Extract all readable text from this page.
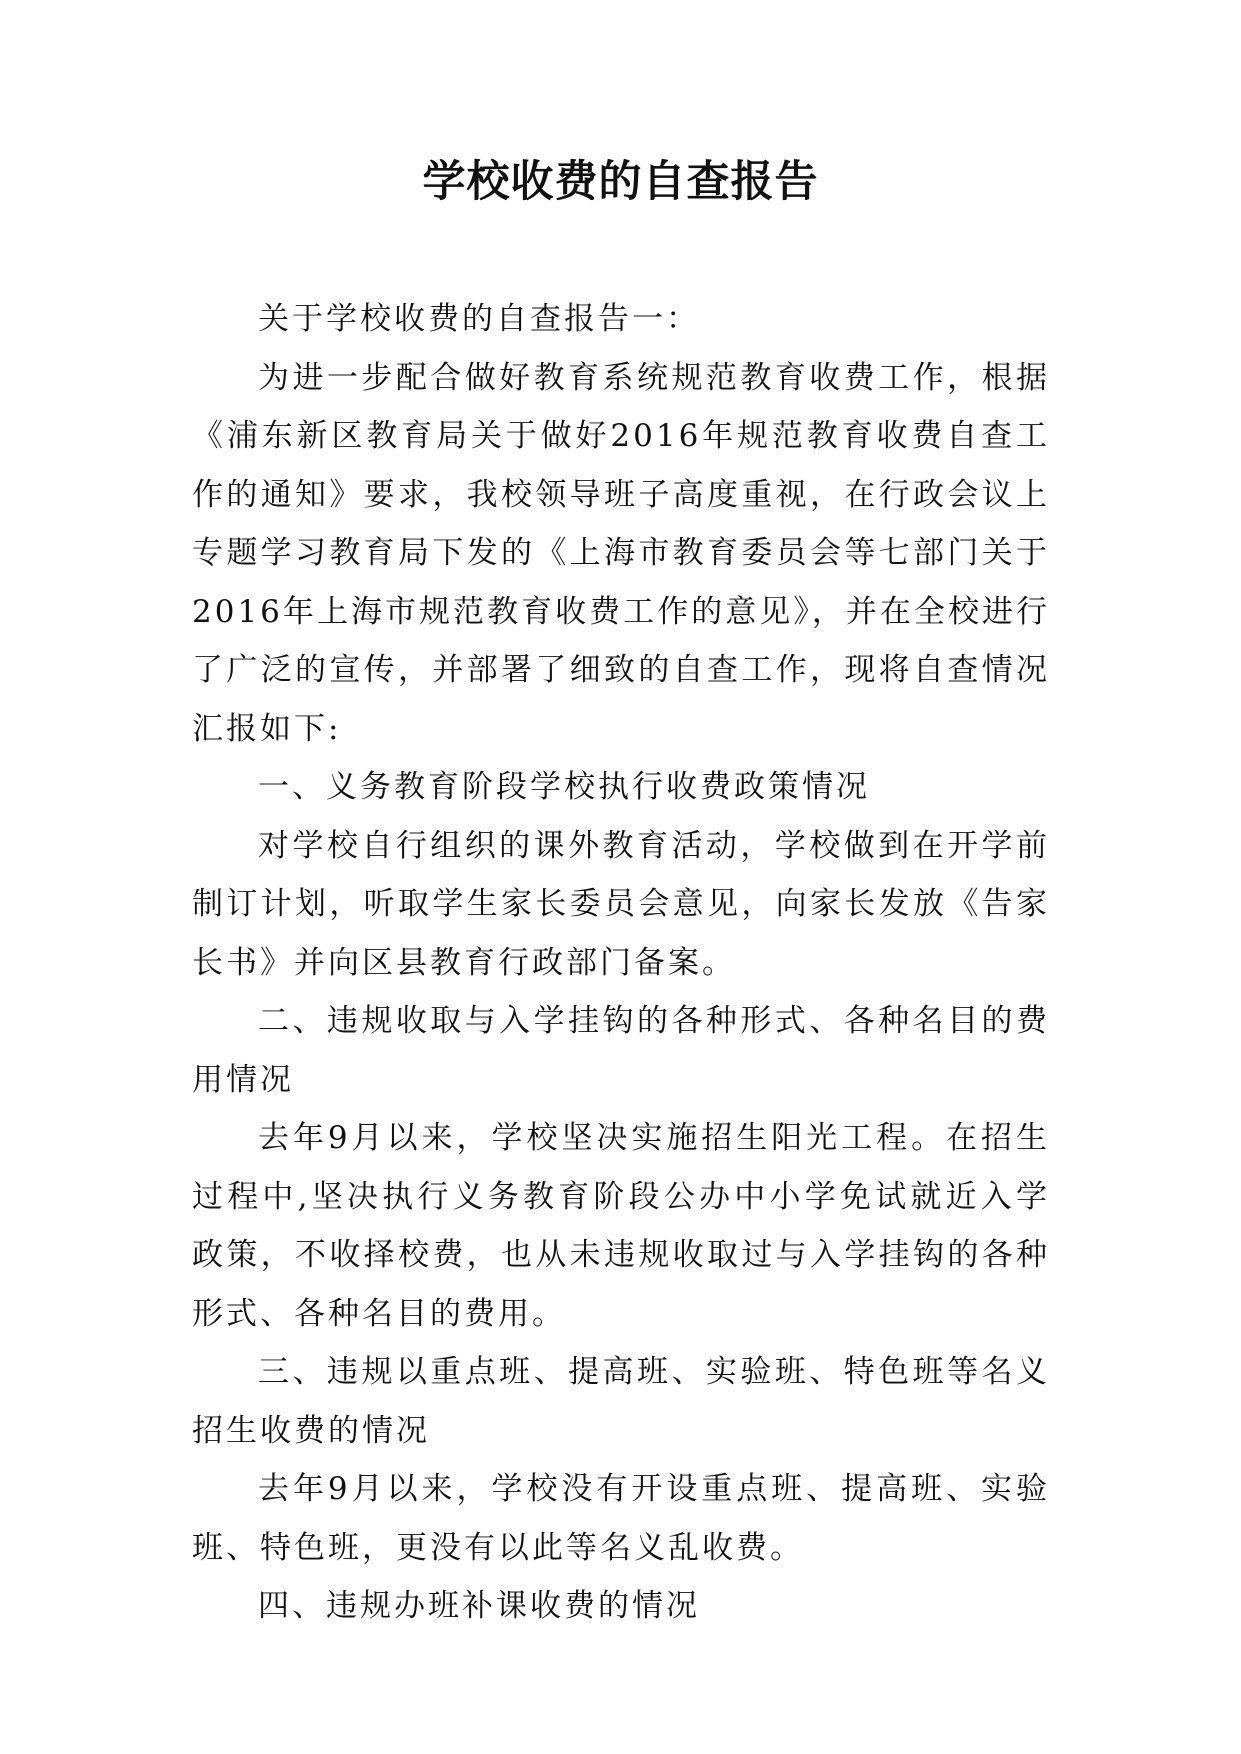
学校收费的自查报告

关于学校收费的自查报告一：

为进一步配合做好教育系统规范教育收费工作，根据《浦东新区教育局关于做好2016年规范教育收费自查工作的通知》要求，我校领导班子高度重视，在行政会议上专题学习教育局下发的《上海市教育委员会等七部门关于2016年上海市规范教育收费工作的意见》，并在全校进行了广泛的宣传，并部署了细致的自查工作，现将自查情况汇报如下:

一、义务教育阶段学校执行收费政策情况

对学校自行组织的课外教育活动，学校做到在开学前制订计划，听取学生家长委员会意见，向家长发放《告家长书》并向区县教育行政部门备案。

二、违规收取与入学挂钩的各种形式、各种名目的费用情况

去年9月以来，学校坚决实施招生阳光工程。在招生过程中,坚决执行义务教育阶段公办中小学免试就近入学政策，不收择校费，也从未违规收取过与入学挂钩的各种形式、各种名目的费用。

三、违规以重点班、提高班、实验班、特色班等名义招生收费的情况

去年9月以来，学校没有开设重点班、提高班、实验班、特色班，更没有以此等名义乱收费。

四、违规办班补课收费的情况
